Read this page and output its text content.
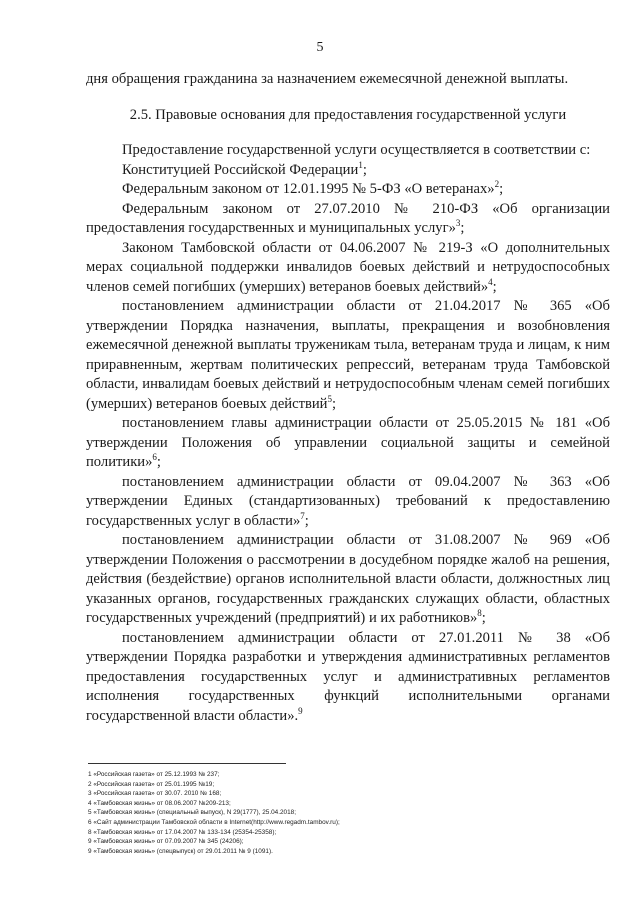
5

дня обращения гражданина за назначением ежемесячной денежной выплаты.

2.5. Правовые основания для предоставления государственной услуги

Предоставление государственной услуги осуществляется в соответствии с:

Конституцией Российской Федерации$^1$;

Федеральным законом от 12.01.1995 № 5-ФЗ «О ветеранах»$^2$;

Федеральным законом от 27.07.2010 № 210-ФЗ «Об организации предоставления государственных и муниципальных услуг»$^3$;

Законом Тамбовской области от 04.06.2007 № 219-З «О дополнительных мерах социальной поддержки инвалидов боевых действий и нетрудоспособных членов семей погибших (умерших) ветеранов боевых действий»$^4$;

постановлением администрации области от 21.04.2017 № 365 «Об утверждении Порядка назначения, выплаты, прекращения и возобновления ежемесячной денежной выплаты труженикам тыла, ветеранам труда и лицам, к ним приравненным, жертвам политических репрессий, ветеранам труда Тамбовской области, инвалидам боевых действий и нетрудоспособным членам семей погибших (умерших) ветеранов боевых действий$^5$;

постановлением главы администрации области от 25.05.2015 № 181 «Об утверждении Положения об управлении социальной защиты и семейной политики»$^6$;

постановлением администрации области от 09.04.2007 № 363 «Об утверждении Единых (стандартизованных) требований к предоставлению государственных услуг в области»$^7$;

постановлением администрации области от 31.08.2007 № 969 «Об утверждении Положения о рассмотрении в досудебном порядке жалоб на решения, действия (бездействие) органов исполнительной власти области, должностных лиц указанных органов, государственных гражданских служащих области, областных государственных учреждений (предприятий) и их работников»$^8$;

постановлением администрации области от 27.01.2011 № 38 «Об утверждении Порядка разработки и утверждения административных регламентов предоставления государственных услуг и административных регламентов исполнения государственных функций исполнительными органами государственной власти области».$^9$

1 «Российская газета» от 25.12.1993 № 237;
2 «Российская газета» от 25.01.1995 №19;
3 «Российская газета» от 30.07. 2010 № 168;
4 «Тамбовская жизнь» от 08.06.2007 №209-213;
5 «Тамбовская жизнь» (специальный выпуск), N 29(1777), 25.04.2018;
6 «Сайт администрации Тамбовской области в Internet(http://www.regadm.tambov.ru);
8 «Тамбовская жизнь» от 17.04.2007 № 133-134 (25354-25358);
9 «Тамбовская жизнь» от 07.09.2007 № 345 (24206);
9 «Тамбовская жизнь» (спецвыпуск) от 29.01.2011 № 9 (1091).
